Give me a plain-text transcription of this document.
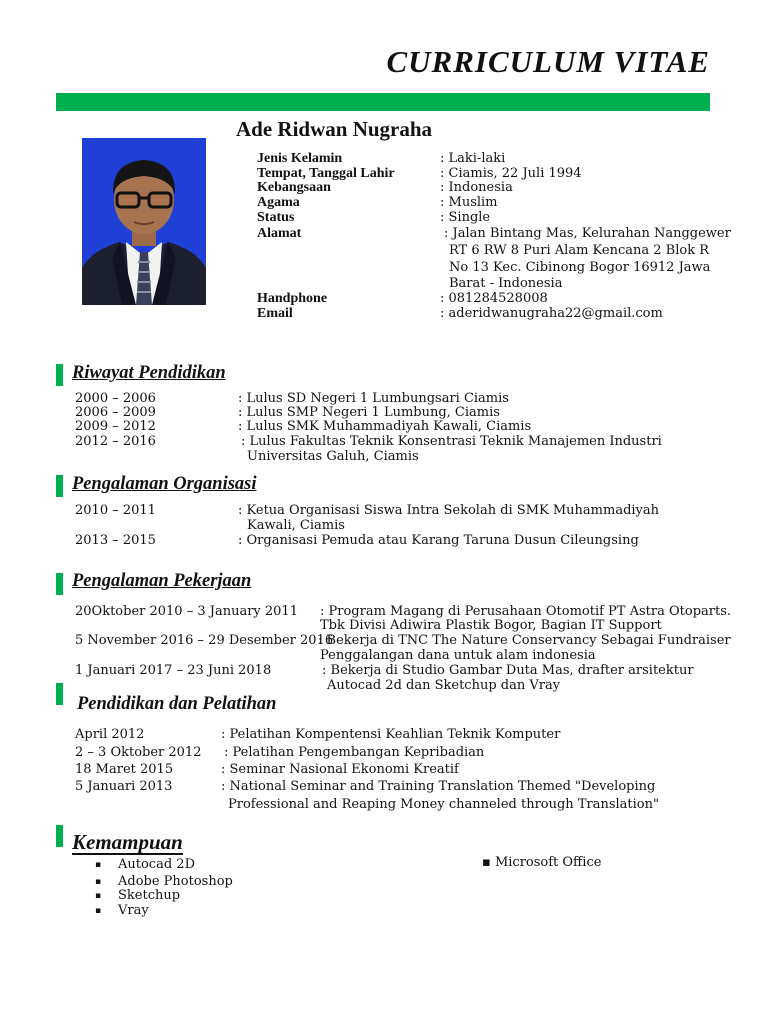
CURRICULUM VITAE
Ade Ridwan Nugraha
Jenis Kelamin	: Laki-laki
Tempat, Tanggal Lahir	: Ciamis, 22 Juli 1994
Kebangsaan	: Indonesia
Agama	: Muslim
Status	: Single
Alamat	: Jalan Bintang Mas, Kelurahan Nanggewer
RT 6 RW 8 Puri Alam Kencana 2 Blok R
No 13 Kec. Cibinong Bogor 16912 Jawa
Barat - Indonesia
Handphone	: 081284528008
Email	: aderidwanugraha22@gmail.com
Riwayat Pendidikan
2000 – 2006	: Lulus SD Negeri 1 Lumbungsari Ciamis
2006 – 2009	: Lulus SMP Negeri 1 Lumbung, Ciamis
2009 – 2012	: Lulus SMK Muhammadiyah Kawali, Ciamis
2012 – 2016	: Lulus Fakultas Teknik Konsentrasi Teknik Manajemen Industri
Universitas Galuh, Ciamis
Pengalaman Organisasi
2010 – 2011	: Ketua Organisasi Siswa Intra Sekolah di SMK Muhammadiyah
Kawali, Ciamis
2013 – 2015	: Organisasi Pemuda atau Karang Taruna Dusun Cileungsing
Pengalaman Pekerjaan
20Oktober 2010 – 3 January 2011 : Program Magang di Perusahaan Otomotif PT Astra Otoparts.
Tbk Divisi Adiwira Plastik Bogor, Bagian IT Support
5 November 2016 – 29 Desember 2016
: Bekerja di TNC The Nature Conservancy Sebagai Fundraiser
Penggalangan dana untuk alam indonesia
1 Januari 2017 – 23 Juni 2018	: Bekerja di Studio Gambar Duta Mas, drafter arsitektur
Autocad 2d dan Sketchup dan Vray
Pendidikan dan Pelatihan
April 2012	: Pelatihan Kompentensi Keahlian Teknik Komputer
2 – 3 Oktober 2012 : Pelatihan Pengembangan Kepribadian
18 Maret 2015	: Seminar Nasional Ekonomi Kreatif
5 Januari 2013	: National Seminar and Training Translation Themed "Developing
Professional and Reaping Money channeled through Translation"
Kemampuan
▪ Autocad 2D
▪ Adobe Photoshop
▪ Sketchup
▪ Vray
▪ Microsoft Office
